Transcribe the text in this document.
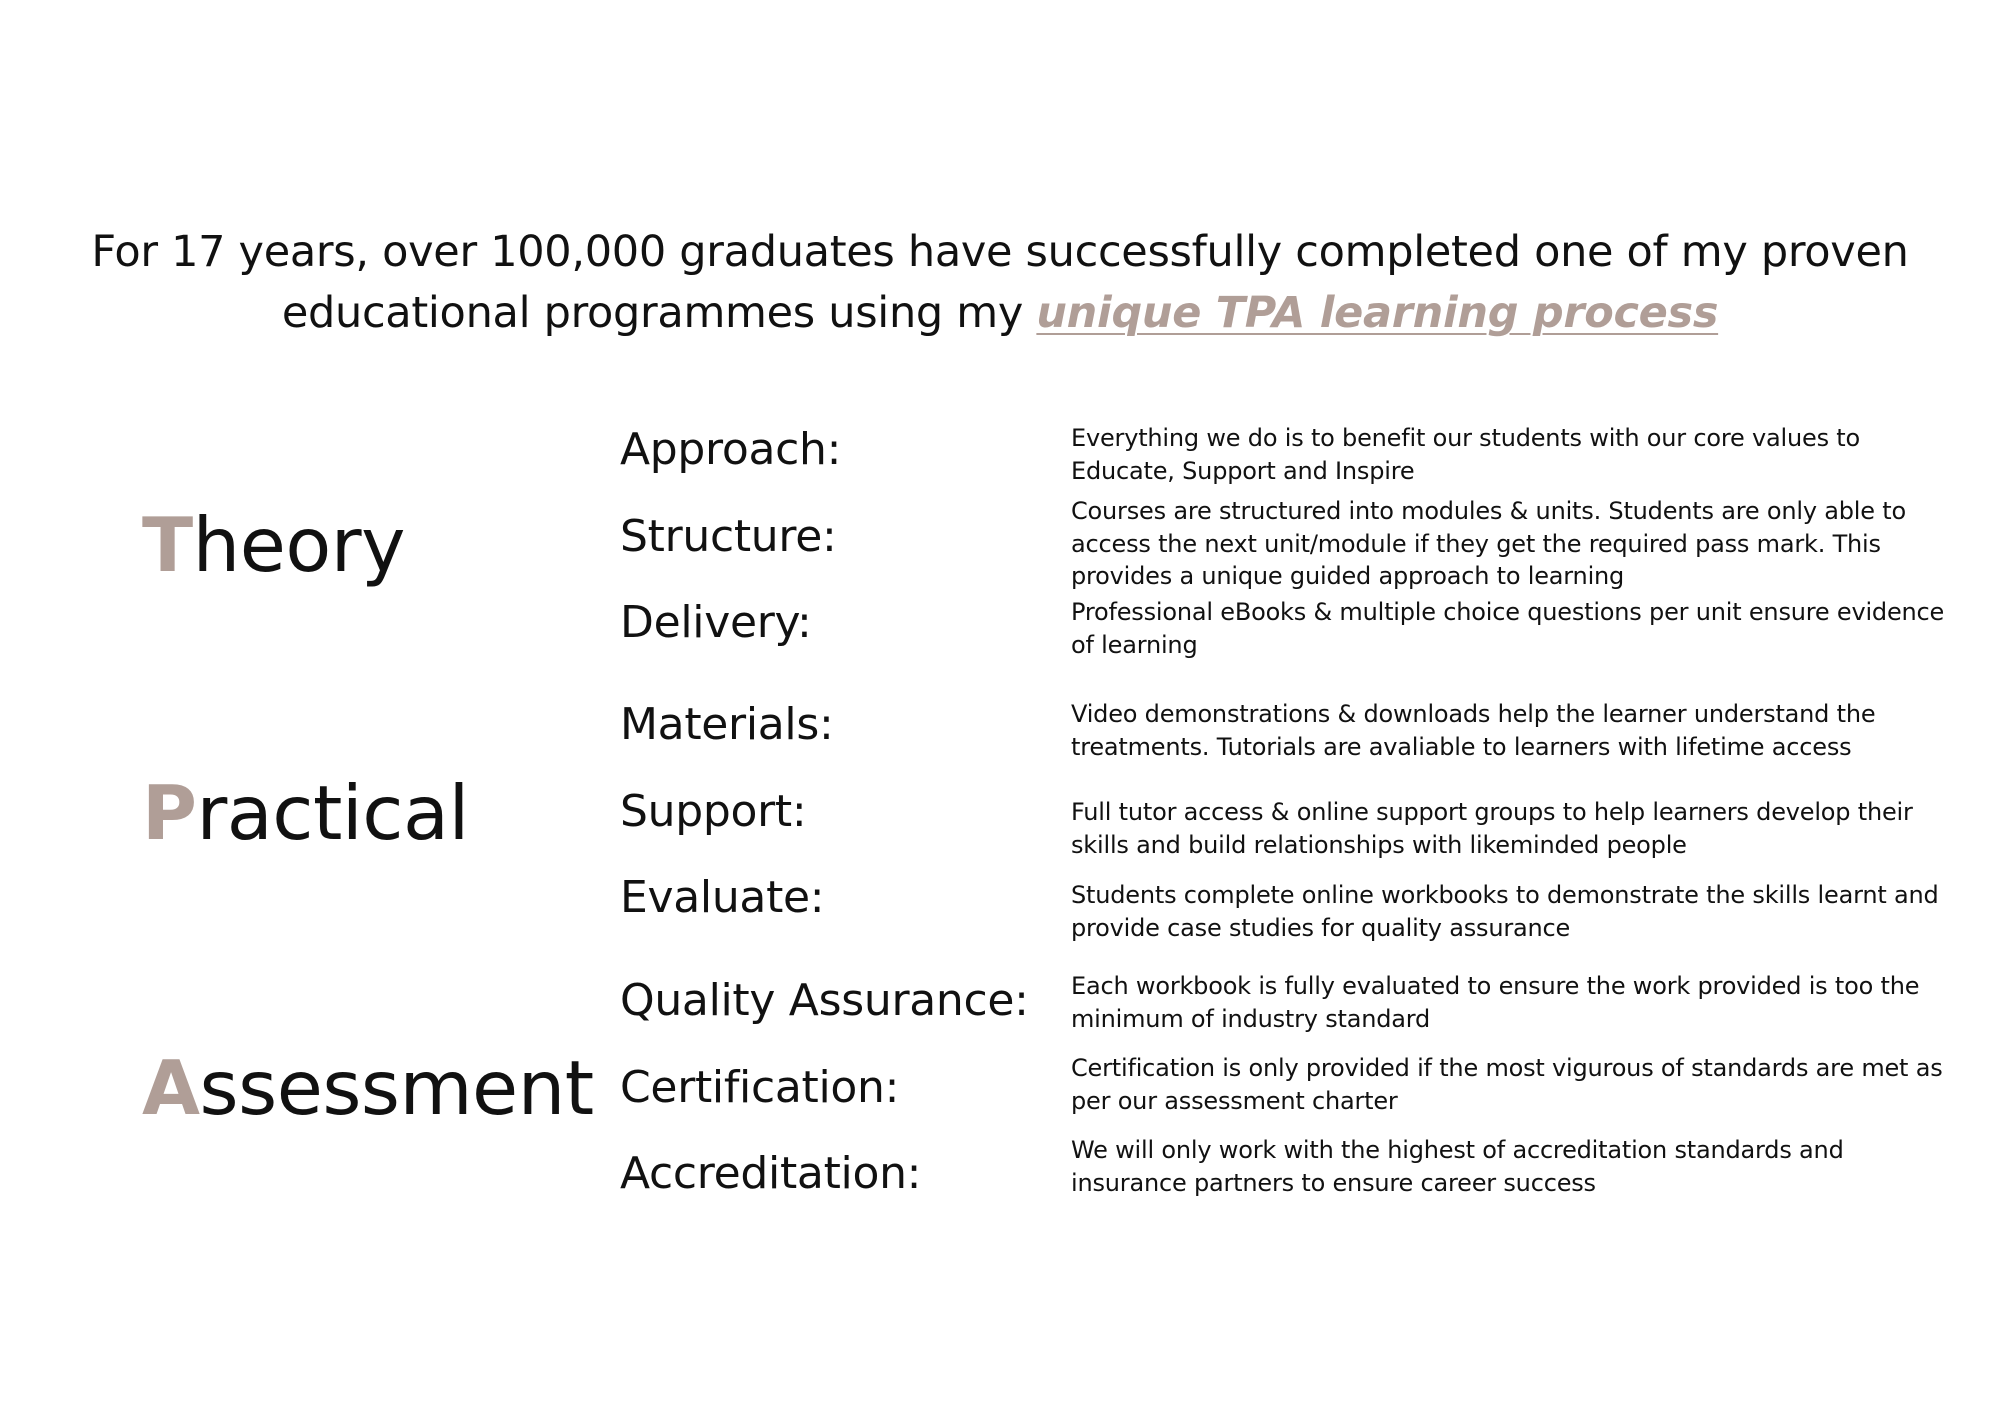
For 17 years, over 100,000 graduates have successfully completed one of my proven
educational programmes using my unique TPA learning process
Theory
Approach:	Everything we do is to benefit our students with our core values to Educate, Support and Inspire
Structure:	Courses are structured into modules & units. Students are only able to access the next unit/module if they get the required pass mark. This provides a unique guided approach to learning
Delivery:	Professional eBooks & multiple choice questions per unit ensure evidence of learning
Practical
Materials:	Video demonstrations & downloads help the learner understand the treatments. Tutorials are avaliable to learners with lifetime access
Support:	Full tutor access & online support groups to help learners develop their skills and build relationships with likeminded people
Evaluate:	Students complete online workbooks to demonstrate the skills learnt and provide case studies for quality assurance
Assessment
Quality Assurance: Each workbook is fully evaluated to ensure the work provided is too the minimum of industry standard
Certification:	Certification is only provided if the most vigurous of standards are met as per our assessment charter
Accreditation:	We will only work with the highest of accreditation standards and insurance partners to ensure career success
